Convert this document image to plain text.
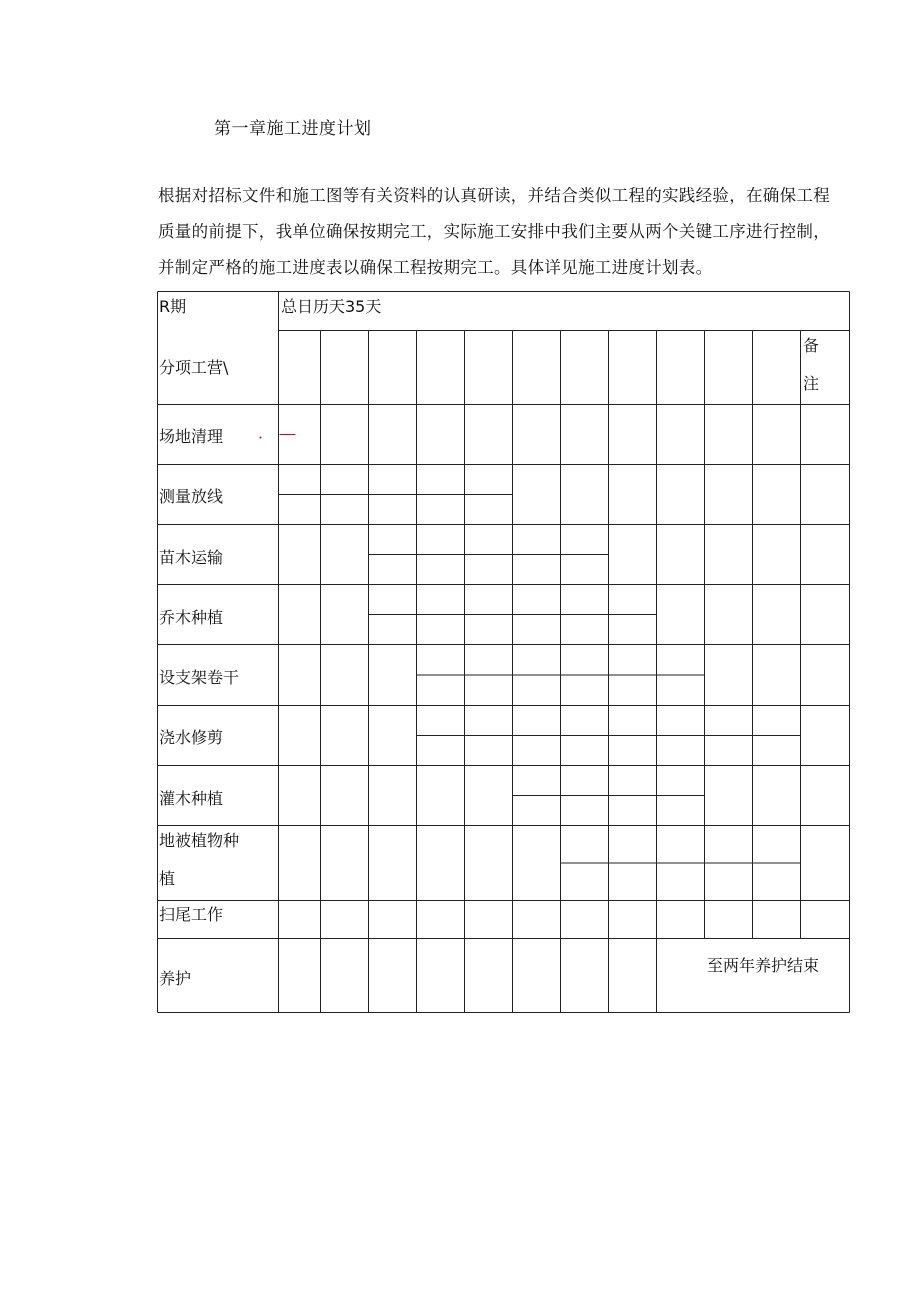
第一章施工进度计划
根据对招标文件和施工图等有关资料的认真研读，并结合类似工程的实践经验，在确保工程
质量的前提下，我单位确保按期完工，实际施工安排中我们主要从两个关键工序进行控制，
并制定严格的施工进度表以确保工程按期完工。具体详见施工进度计划表。
R期	总日历天35天
分项工营\
备
注
场地清理
测量放线
苗木运输
乔木种植
设支架卷干
浇水修剪
灌木种植
地被植物种
植
扫尾工作
养护
至两年养护结束
